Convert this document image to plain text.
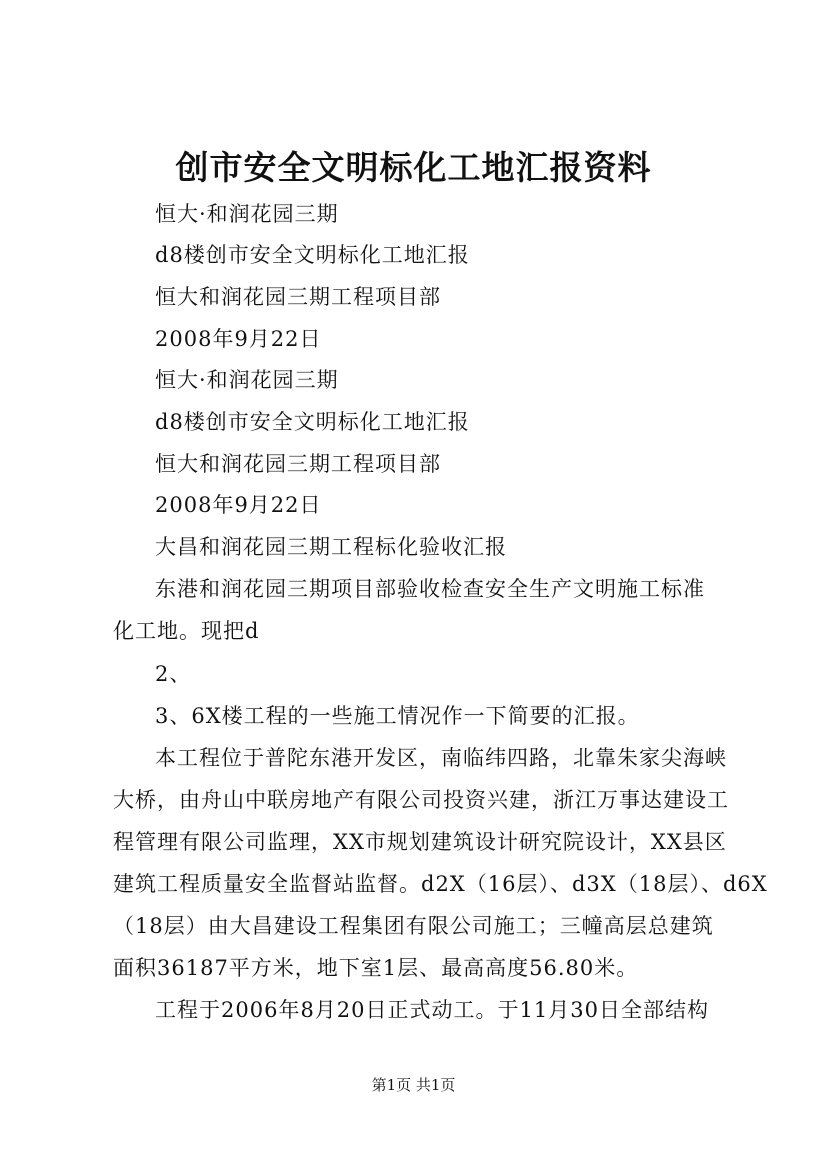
创市安全文明标化工地汇报资料
恒大·和润花园三期
d8楼创市安全文明标化工地汇报
恒大和润花园三期工程项目部
2008年9月22日
恒大·和润花园三期
d8楼创市安全文明标化工地汇报
恒大和润花园三期工程项目部
2008年9月22日
大昌和润花园三期工程标化验收汇报
东港和润花园三期项目部验收检查安全生产文明施工标准
化工地。现把d
2、
3、6X楼工程的一些施工情况作一下简要的汇报。
本工程位于普陀东港开发区，南临纬四路，北靠朱家尖海峡
大桥，由舟山中联房地产有限公司投资兴建，浙江万事达建设工
程管理有限公司监理，XX市规划建筑设计研究院设计，XX县区
建筑工程质量安全监督站监督。d2X（16层）、d3X（18层）、d6X
（18层）由大昌建设工程集团有限公司施工；三幢高层总建筑
面积36187平方米，地下室1层、最高高度56.80米。
工程于2006年8月20日正式动工。于11月30日全部结构
第1页 共1页
